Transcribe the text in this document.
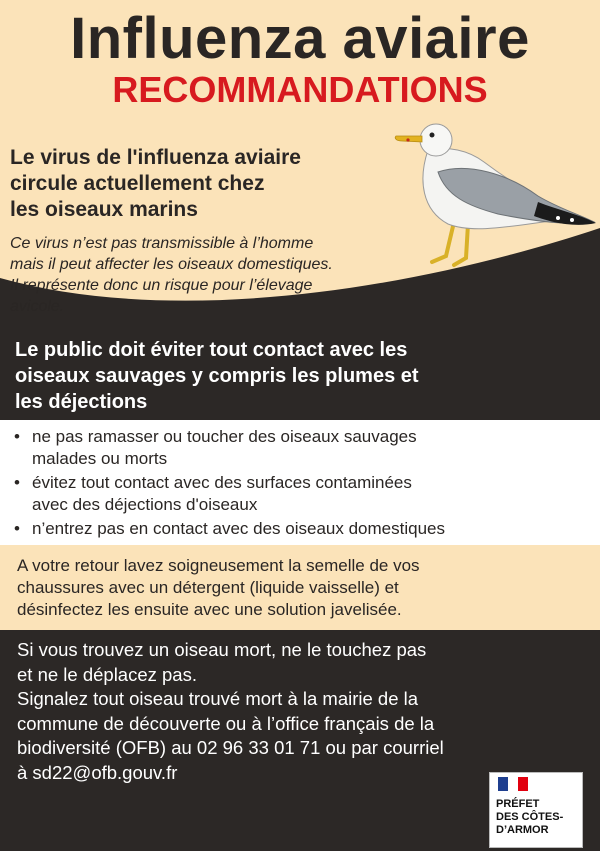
Influenza aviaire
RECOMMANDATIONS
Le virus de l'influenza aviaire
circule actuellement chez
les oiseaux marins
Ce virus n’est pas transmissible à l’homme
mais il peut affecter les oiseaux domestiques.
Il représente donc un risque pour l’élevage
avicole.
Le public doit éviter tout contact avec les
oiseaux sauvages y compris les plumes et
les déjections
• ne pas ramasser ou toucher des oiseaux sauvages
malades ou morts
• évitez tout contact avec des surfaces contaminées
avec des déjections d'oiseaux
• n’entrez pas en contact avec des oiseaux domestiques
A votre retour lavez soigneusement la semelle de vos
chaussures avec un détergent (liquide vaisselle) et
désinfectez les ensuite avec une solution javelisée.
Si vous trouvez un oiseau mort, ne le touchez pas
et ne le déplacez pas.
Signalez tout oiseau trouvé mort à la mairie de la
commune de découverte ou à l’office français de la
biodiversité (OFB) au 02 96 33 01 71 ou par courriel
à sd22@ofb.gouv.fr
PRÉFET
DES CÔTES-
D’ARMOR
